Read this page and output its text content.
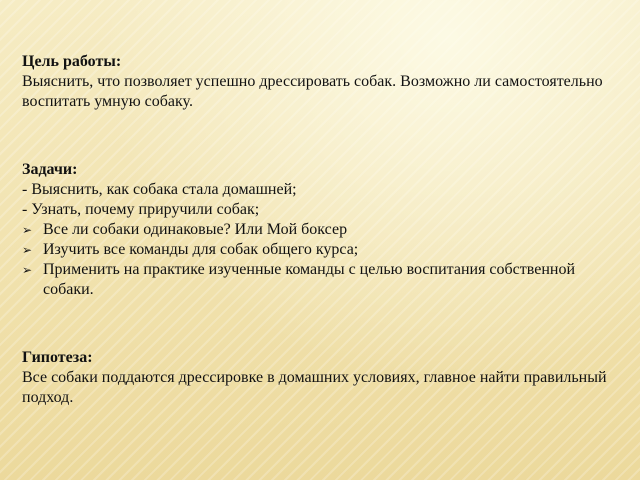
Цель работы:
Выяснить, что позволяет успешно дрессировать собак. Возможно ли самостоятельно воспитать умную собаку.
Задачи:
- Выяснить, как собака стала домашней;
- Узнать, почему приручили собак;
➢ Все ли собаки одинаковые? Или Мой боксер
➢ Изучить все команды для собак общего курса;
➢ Применить на практике изученные команды с целью воспитания собственной собаки.
Гипотеза:
Все собаки поддаются дрессировке в домашних условиях, главное найти правильный подход.
